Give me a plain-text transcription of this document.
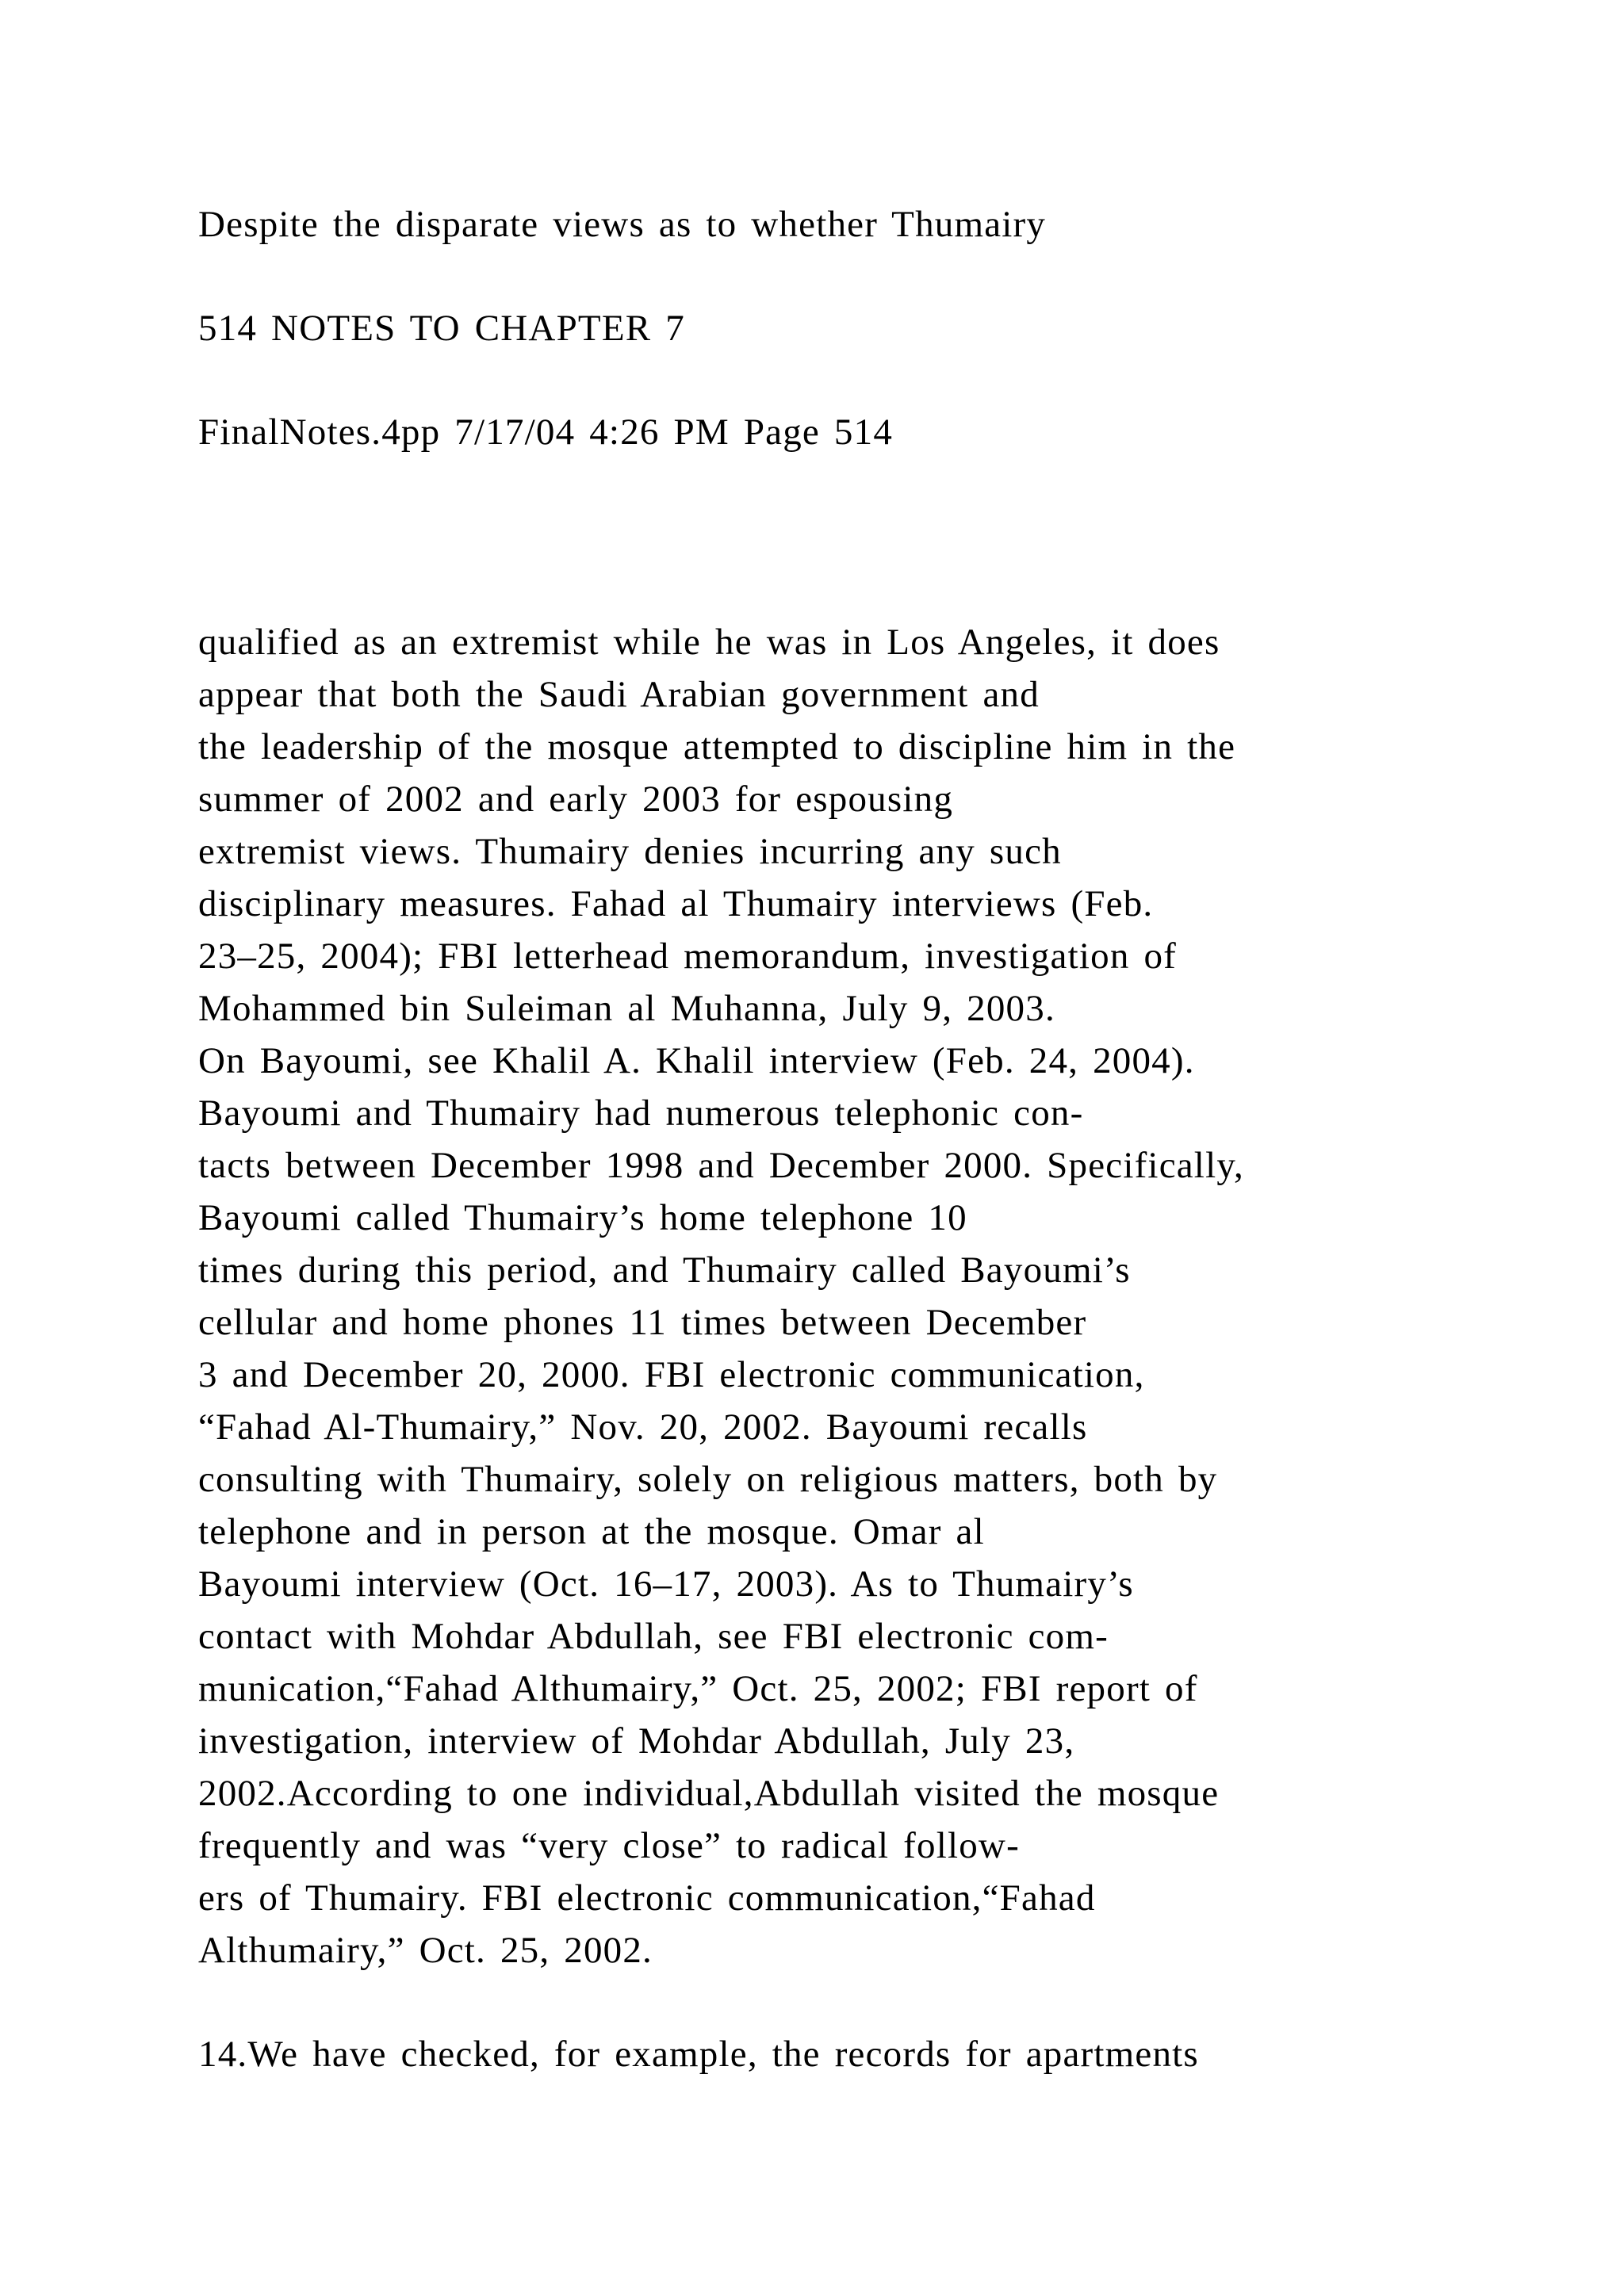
Despite the disparate views as to whether Thumairy

514 NOTES TO CHAPTER 7

FinalNotes.4pp 7/17/04 4:26 PM Page 514

qualified as an extremist while he was in Los Angeles, it does

appear that both the Saudi Arabian government and

the leadership of the mosque attempted to discipline him in the

summer of 2002 and early 2003 for espousing

extremist views. Thumairy denies incurring any such

disciplinary measures. Fahad al Thumairy interviews (Feb.

23–25, 2004); FBI letterhead memorandum, investigation of

Mohammed bin Suleiman al Muhanna, July 9, 2003.

On Bayoumi, see Khalil A. Khalil interview (Feb. 24, 2004).

Bayoumi and Thumairy had numerous telephonic con-

tacts between December 1998 and December 2000. Specifically,

Bayoumi called Thumairy’s home telephone 10

times during this period, and Thumairy called Bayoumi’s

cellular and home phones 11 times between December

3 and December 20, 2000. FBI electronic communication,

“Fahad Al-Thumairy,” Nov. 20, 2002. Bayoumi recalls

consulting with Thumairy, solely on religious matters, both by

telephone and in person at the mosque. Omar al

Bayoumi interview (Oct. 16–17, 2003). As to Thumairy’s

contact with Mohdar Abdullah, see FBI electronic com-

munication,“Fahad Althumairy,” Oct. 25, 2002; FBI report of

investigation, interview of Mohdar Abdullah, July 23,

2002.According to one individual,Abdullah visited the mosque

frequently and was “very close” to radical follow-

ers of Thumairy. FBI electronic communication,“Fahad

Althumairy,” Oct. 25, 2002.

14.We have checked, for example, the records for apartments
